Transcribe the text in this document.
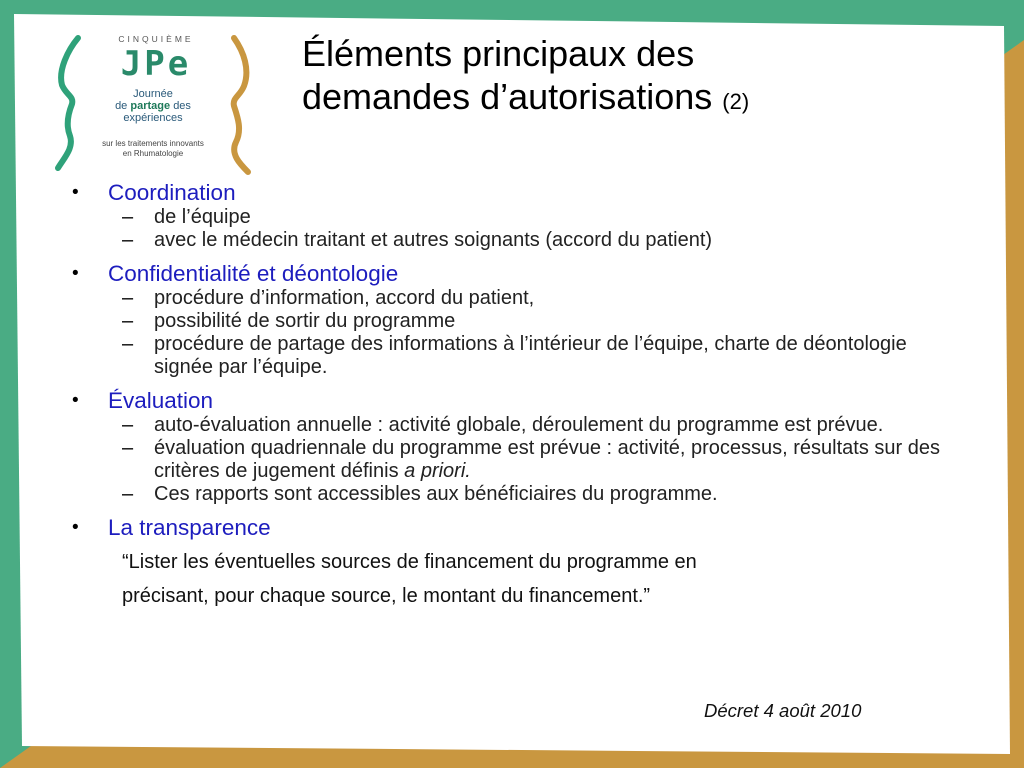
CINQUIÈME
JPe
Journée
de partage des
expériences
sur les traitements innovants
en Rhumatologie
Éléments principaux des
demandes d’autorisations (2)
• Coordination
– de l’équipe
– avec le médecin traitant et autres soignants (accord du patient)
• Confidentialité et déontologie
– procédure d’information, accord du patient,
– possibilité de sortir du programme
– procédure de partage des informations à l’intérieur de l’équipe, charte de déontologie signée par l’équipe.
• Évaluation
– auto-évaluation annuelle : activité globale, déroulement du programme est prévue.
– évaluation quadriennale du programme est prévue : activité, processus, résultats sur des critères de jugement définis a priori.
– Ces rapports sont accessibles aux bénéficiaires du programme.
• La transparence
“Lister les éventuelles sources de financement du programme en
précisant, pour chaque source, le montant du financement.”
Décret 4 août 2010
